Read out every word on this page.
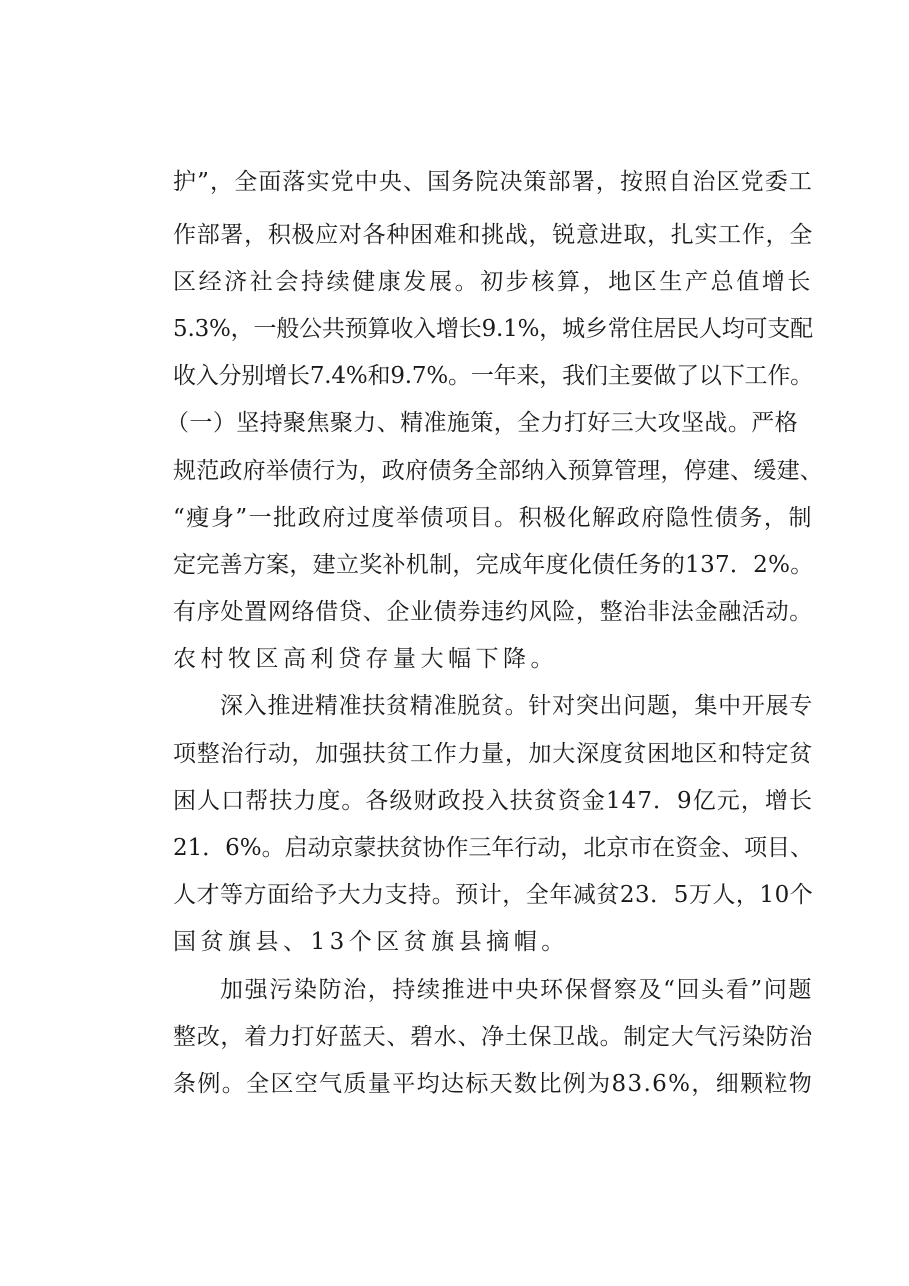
护”，全面落实党中央、国务院决策部署，按照自治区党委工
作部署，积极应对各种困难和挑战，锐意进取，扎实工作，全
区经济社会持续健康发展。初步核算，地区生产总值增长
5.3%，一般公共预算收入增长9.1%，城乡常住居民人均可支配
收入分别增长7.4%和9.7%。一年来，我们主要做了以下工作。
（一）坚持聚焦聚力、精准施策，全力打好三大攻坚战。严格
规范政府举债行为，政府债务全部纳入预算管理，停建、缓建、
“瘦身”一批政府过度举债项目。积极化解政府隐性债务，制
定完善方案，建立奖补机制，完成年度化债任务的137．2%。
有序处置网络借贷、企业债券违约风险，整治非法金融活动。
农村牧区高利贷存量大幅下降。
深入推进精准扶贫精准脱贫。针对突出问题，集中开展专
项整治行动，加强扶贫工作力量，加大深度贫困地区和特定贫
困人口帮扶力度。各级财政投入扶贫资金147．9亿元，增长
21．6%。启动京蒙扶贫协作三年行动，北京市在资金、项目、
人才等方面给予大力支持。预计，全年减贫23．5万人，10个
国贫旗县、13个区贫旗县摘帽。
加强污染防治，持续推进中央环保督察及“回头看”问题
整改，着力打好蓝天、碧水、净土保卫战。制定大气污染防治
条例。全区空气质量平均达标天数比例为83.6%，细颗粒物
